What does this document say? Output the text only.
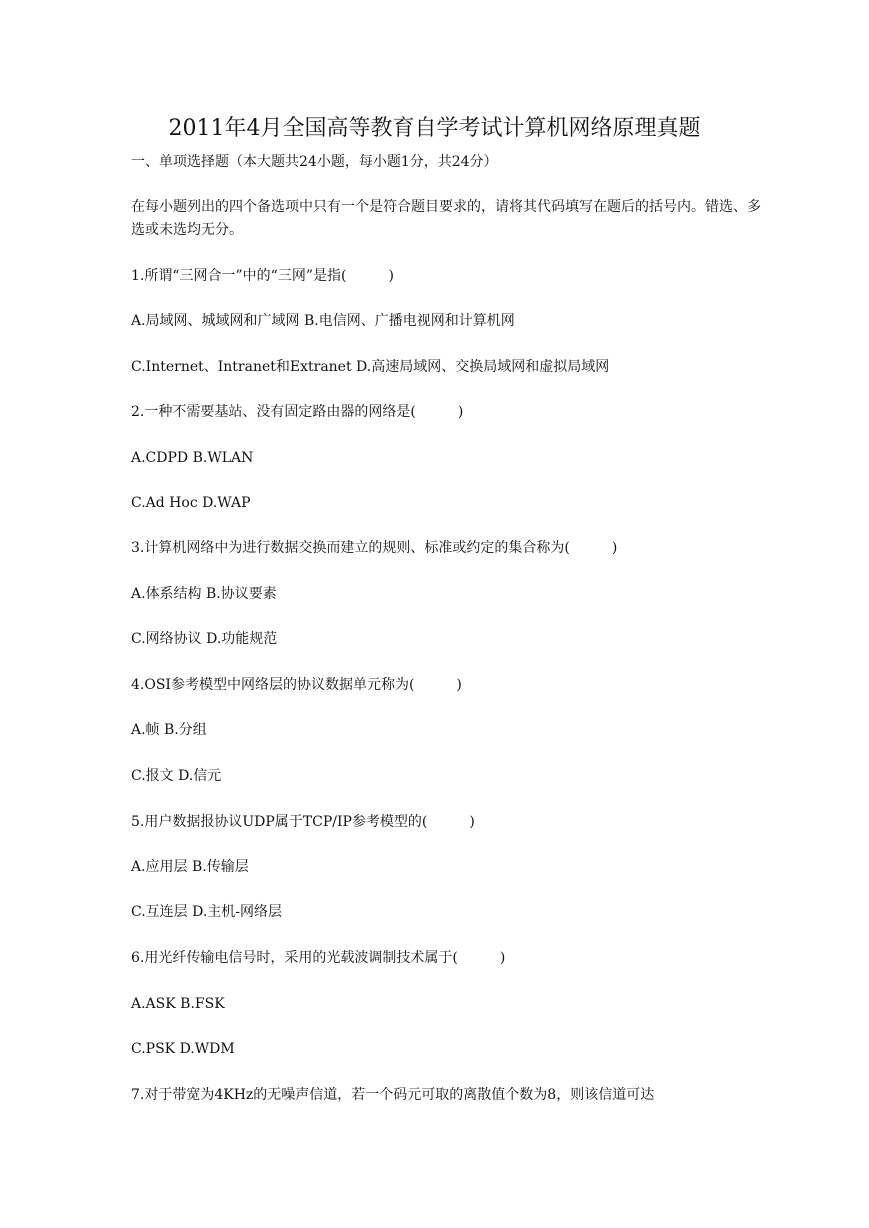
2011年4月全国高等教育自学考试计算机网络原理真题
一、单项选择题（本大题共24小题，每小题1分，共24分）
在每小题列出的四个备选项中只有一个是符合题目要求的，请将其代码填写在题后的括号内。错选、多选或未选均无分。
1.所谓“三网合一”中的“三网”是指(　　　)
A.局域网、城域网和广域网 B.电信网、广播电视网和计算机网
C.Internet、Intranet和Extranet D.高速局域网、交换局域网和虚拟局域网
2.一种不需要基站、没有固定路由器的网络是(　　　)
A.CDPD B.WLAN
C.Ad Hoc D.WAP
3.计算机网络中为进行数据交换而建立的规则、标准或约定的集合称为(　　　)
A.体系结构 B.协议要素
C.网络协议 D.功能规范
4.OSI参考模型中网络层的协议数据单元称为(　　　)
A.帧 B.分组
C.报文 D.信元
5.用户数据报协议UDP属于TCP/IP参考模型的(　　　)
A.应用层 B.传输层
C.互连层 D.主机-网络层
6.用光纤传输电信号时，采用的光载波调制技术属于(　　　)
A.ASK B.FSK
C.PSK D.WDM
7.对于带宽为4KHz的无噪声信道，若一个码元可取的离散值个数为8，则该信道可达
